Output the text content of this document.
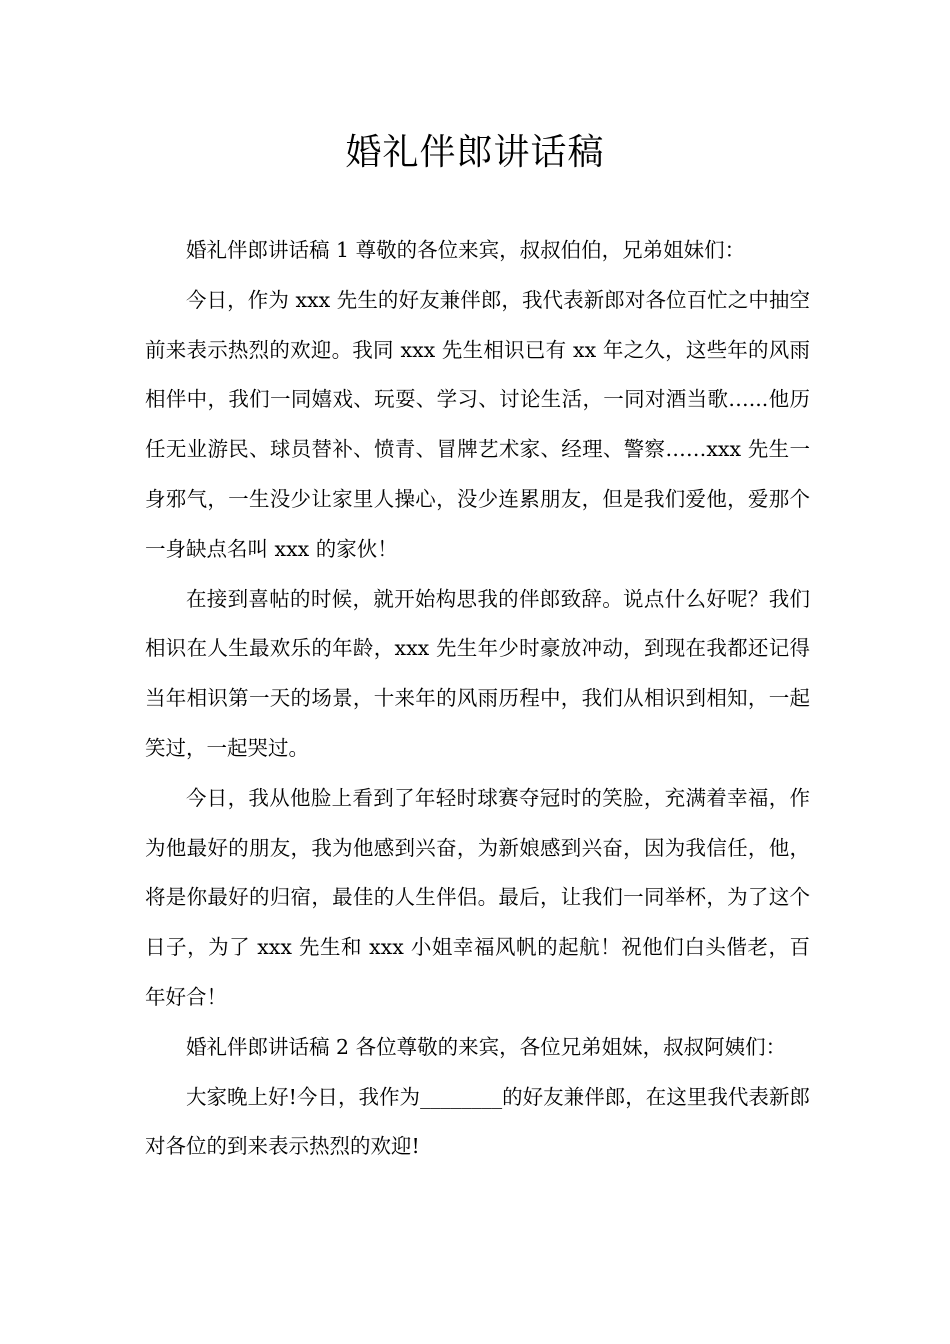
婚礼伴郎讲话稿

婚礼伴郎讲话稿 1 尊敬的各位来宾，叔叔伯伯，兄弟姐妹们：

今日，作为 xxx 先生的好友兼伴郎，我代表新郎对各位百忙之中抽空前来表示热烈的欢迎。我同 xxx 先生相识已有 xx 年之久，这些年的风雨相伴中，我们一同嬉戏、玩耍、学习、讨论生活，一同对酒当歌…...他历任无业游民、球员替补、愤青、冒牌艺术家、经理、警察……xxx 先生一身邪气，一生没少让家里人操心，没少连累朋友，但是我们爱他，爱那个一身缺点名叫 xxx 的家伙！

在接到喜帖的时候，就开始构思我的伴郎致辞。说点什么好呢？我们相识在人生最欢乐的年龄，xxx 先生年少时豪放冲动，到现在我都还记得当年相识第一天的场景，十来年的风雨历程中，我们从相识到相知，一起笑过，一起哭过。

今日，我从他脸上看到了年轻时球赛夺冠时的笑脸，充满着幸福，作为他最好的朋友，我为他感到兴奋，为新娘感到兴奋，因为我信任，他，将是你最好的归宿，最佳的人生伴侣。最后，让我们一同举杯，为了这个日子，为了 xxx 先生和 xxx 小姐幸福风帆的起航！祝他们白头偕老，百年好合！

婚礼伴郎讲话稿 2 各位尊敬的来宾，各位兄弟姐妹，叔叔阿姨们：

大家晚上好!今日，我作为________的好友兼伴郎，在这里我代表新郎对各位的到来表示热烈的欢迎!
